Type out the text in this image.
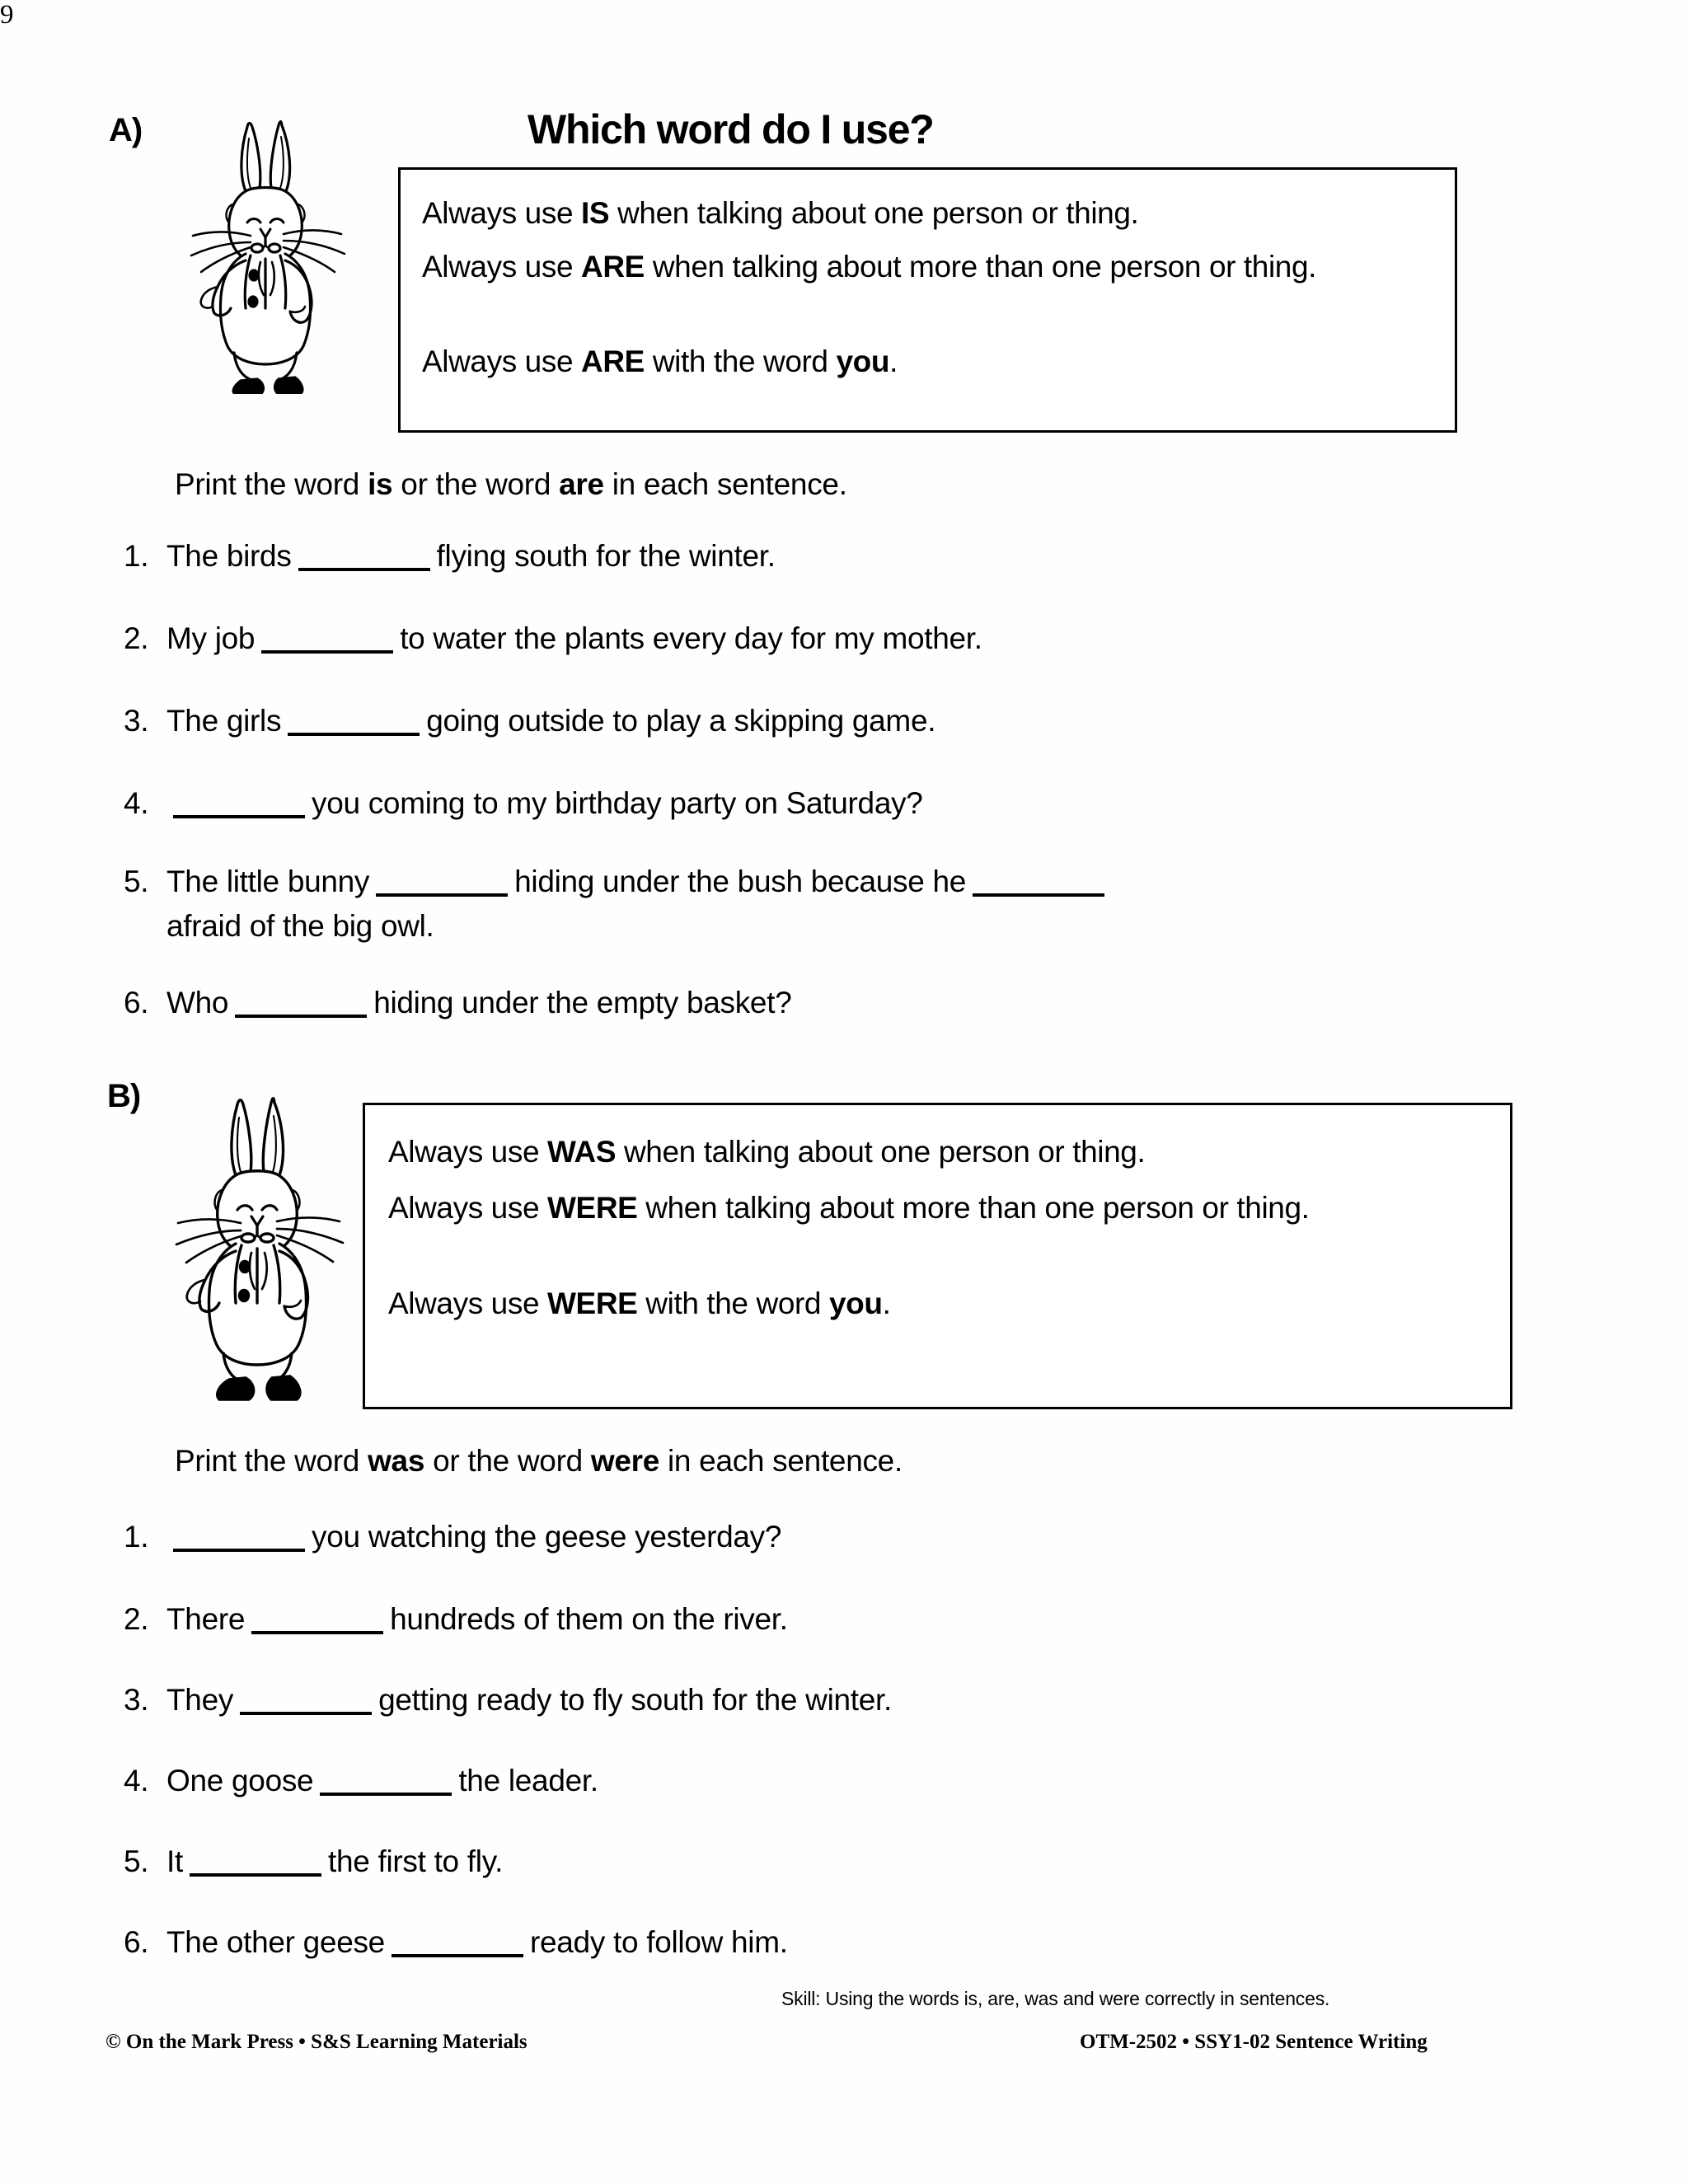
A)	Which word do I use?
Always use IS when talking about one person or thing.
Always use ARE when talking about more than one person or thing.
Always use ARE with the word you.
Print the word is or the word are in each sentence.
1. The birds	flying south for the winter.
2. My job	to water the plants every day for my mother.
3. The girls	going outside to play a skipping game.
4.	you coming to my birthday party on Saturday?
5. The little bunny	hiding under the bush because he
afraid of the big owl.
6. Who	hiding under the empty basket?
B)
Always use WAS when talking about one person or thing.
Always use WERE when talking about more than one person or thing.
Always use WERE with the word you.
Print the word was or the word were in each sentence.
1.	you watching the geese yesterday?
2. There	hundreds of them on the river.
3. They	getting ready to fly south for the winter.
4. One goose	the leader.
5. It	the first to fly.
6. The other geese	ready to follow him.
Skill: Using the words is, are, was and were correctly in sentences.
© On the Mark Press • S&S Learning Materials
9
OTM-2502 • SSY1-02 Sentence Writing
